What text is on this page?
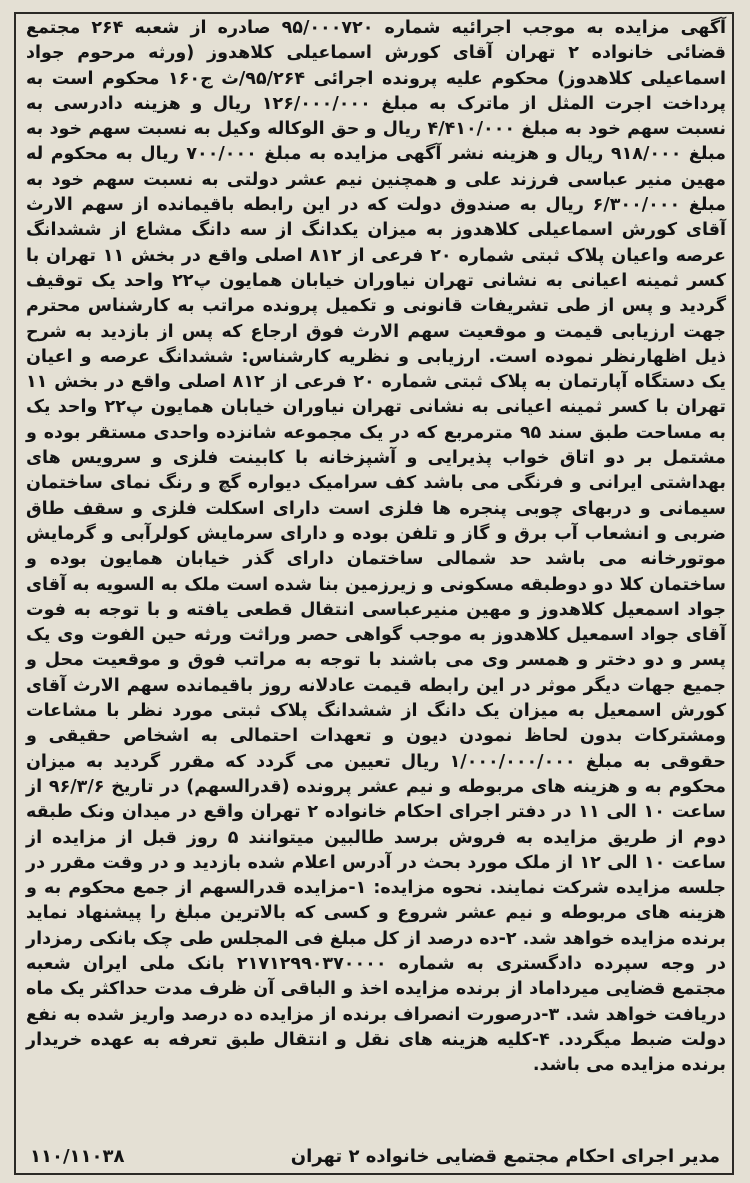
آگهی مزایده به موجب اجرائیه شماره ۹۵/۰۰۰۷۲۰ صادره از شعبه ۲۶۴ مجتمع قضائی خانواده ۲ تهران آقای کورش اسماعیلی کلاهدوز (ورثه مرحوم جواد اسماعیلی کلاهدوز) محکوم علیه پرونده اجرائی ۹۵/۲۶۴/ث ج۱۶۰ محکوم است به پرداخت اجرت المثل از ماترک به مبلغ ۱۲۶/۰۰۰/۰۰۰ ریال و هزینه دادرسی به نسبت سهم خود به مبلغ ۴/۴۱۰/۰۰۰ ریال و حق الوکاله وکیل به نسبت سهم خود به مبلغ ۹۱۸/۰۰۰ ریال و هزینه نشر آگهی مزایده به مبلغ ۷۰۰/۰۰۰ ریال به محکوم له مهین منیر عباسی فرزند علی و همچنین نیم عشر دولتی به نسبت سهم خود به مبلغ ۶/۳۰۰/۰۰۰ ریال به صندوق دولت که در این رابطه باقیمانده از سهم الارث آقای کورش اسماعیلی کلاهدوز به میزان یکدانگ از سه دانگ مشاع از ششدانگ عرصه واعیان پلاک ثبتی شماره ۲۰ فرعی از ۸۱۲ اصلی واقع در بخش ۱۱ تهران با کسر ثمینه اعیانی به نشانی تهران نیاوران خیابان همایون پ۲۲ واحد یک توقیف گردید و پس از طی تشریفات قانونی و تکمیل پرونده مراتب به کارشناس محترم جهت ارزیابی قیمت و موقعیت سهم الارث فوق ارجاع که پس از بازدید به شرح ذیل اظهارنظر نموده است. ارزیابی و نظریه کارشناس: ششدانگ عرصه و اعیان یک دستگاه آپارتمان به پلاک ثبتی شماره ۲۰ فرعی از ۸۱۲ اصلی واقع در بخش ۱۱ تهران با کسر ثمینه اعیانی به نشانی تهران نیاوران خیابان همایون پ۲۲ واحد یک به مساحت طبق سند ۹۵ مترمربع که در یک مجموعه شانزده واحدی مستقر بوده و مشتمل بر دو اتاق خواب پذیرایی و آشپزخانه با کابینت فلزی و سرویس های بهداشتی ایرانی و فرنگی می باشد کف سرامیک دیواره گچ و رنگ نمای ساختمان سیمانی و دربهای چوبی پنجره ها فلزی است دارای اسکلت فلزی و سقف طاق ضربی و انشعاب آب برق و گاز و تلفن بوده و دارای سرمایش کولرآبی و گرمایش موتورخانه می باشد حد شمالی ساختمان دارای گذر خیابان همایون بوده و ساختمان کلا دو دوطبقه مسکونی و زیرزمین بنا شده است ملک به السویه به آقای جواد اسمعیل کلاهدوز و مهین منیرعباسی انتقال قطعی یافته و با توجه به فوت آقای جواد اسمعیل کلاهدوز به موجب گواهی حصر وراثت ورثه حین الفوت وی یک پسر و دو دختر و همسر وی می باشند با توجه به مراتب فوق و موقعیت محل و جمیع جهات دیگر موثر در این رابطه قیمت عادلانه روز باقیمانده سهم الارث آقای کورش اسمعیل به میزان یک دانگ از ششدانگ پلاک ثبتی مورد نظر با مشاعات ومشترکات بدون لحاظ نمودن دیون و تعهدات احتمالی به اشخاص حقیقی و حقوقی به مبلغ ۱/۰۰۰/۰۰۰/۰۰۰ ریال تعیین می گردد که مقرر گردید به میزان محکوم به و هزینه های مربوطه و نیم عشر پرونده (قدرالسهم) در تاریخ ۹۶/۳/۶ از ساعت ۱۰ الی ۱۱ در دفتر اجرای احکام خانواده ۲ تهران واقع در میدان ونک طبقه دوم از طریق مزایده به فروش برسد طالبین میتوانند ۵ روز قبل از مزایده از ساعت ۱۰ الی ۱۲ از ملک مورد بحث در آدرس اعلام شده بازدید و در وقت مقرر در جلسه مزایده شرکت نمایند. نحوه مزایده: ۱-مزایده قدرالسهم از جمع محکوم به و هزینه های مربوطه و نیم عشر شروع و کسی که بالاترین مبلغ را پیشنهاد نماید برنده مزایده خواهد شد. ۲-ده درصد از کل مبلغ فی المجلس طی چک بانکی رمزدار در وجه سپرده دادگستری به شماره ۲۱۷۱۲۹۹۰۳۷۰۰۰۰ بانک ملی ایران شعبه مجتمع قضایی میرداماد از برنده مزایده اخذ و الباقی آن ظرف مدت حداکثر یک ماه دریافت خواهد شد. ۳-درصورت انصراف برنده از مزایده ده درصد واریز شده به نفع دولت ضبط میگردد. ۴-کلیه هزینه های نقل و انتقال طبق تعرفه به عهده خریدار برنده مزایده می باشد.
مدیر اجرای احکام مجتمع قضایی خانواده ۲ تهران
۱۱۰/۱۱۰۳۸
